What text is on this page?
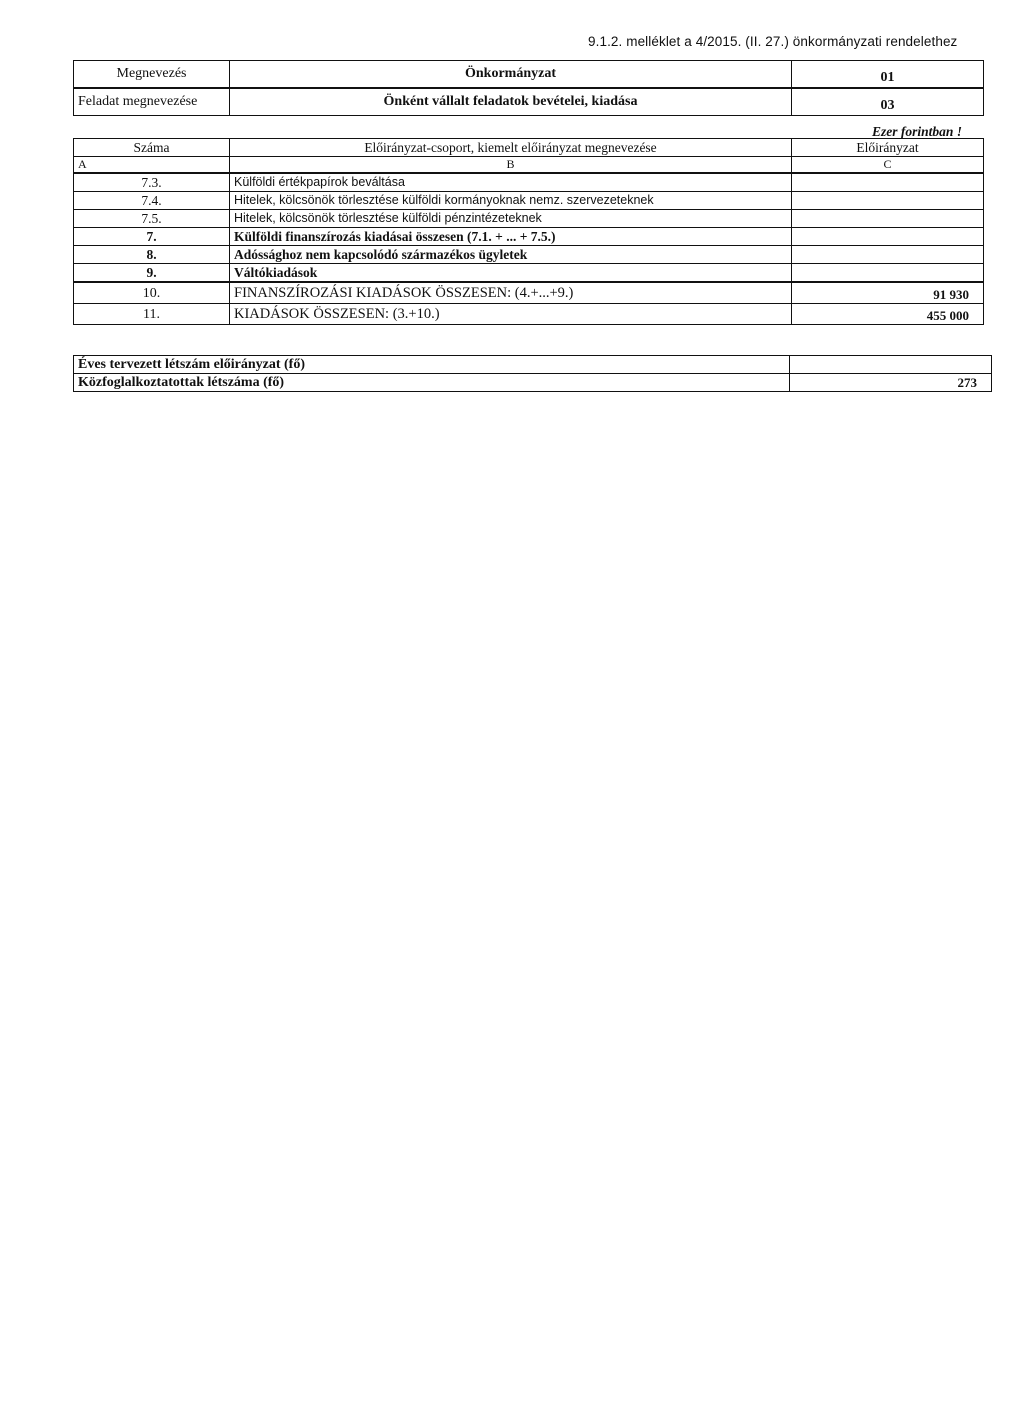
9.1.2. melléklet a 4/2015. (II. 27.) önkormányzati rendelethez
Megnevezés	Önkormányzat	01
Feladat megnevezése	Önként vállalt feladatok bevételei, kiadása	03
Ezer forintban !
Száma	Előirányzat-csoport, kiemelt előirányzat megnevezése	Előirányzat
A	B	C
7.3.	Külföldi értékpapírok beváltása	
7.4.	Hitelek, kölcsönök törlesztése külföldi kormányoknak nemz. szervezeteknek	
7.5.	Hitelek, kölcsönök törlesztése külföldi pénzintézeteknek	
7.	Külföldi finanszírozás kiadásai összesen (7.1. + ... + 7.5.)	
8.	Adóssághoz nem kapcsolódó származékos ügyletek	
9.	Váltókiadások	
10.	FINANSZÍROZÁSI KIADÁSOK ÖSSZESEN: (4.+...+9.)	91 930
11.	KIADÁSOK ÖSSZESEN: (3.+10.)	455 000
Éves tervezett létszám előirányzat (fő)	
Közfoglalkoztatottak létszáma (fő)	273
